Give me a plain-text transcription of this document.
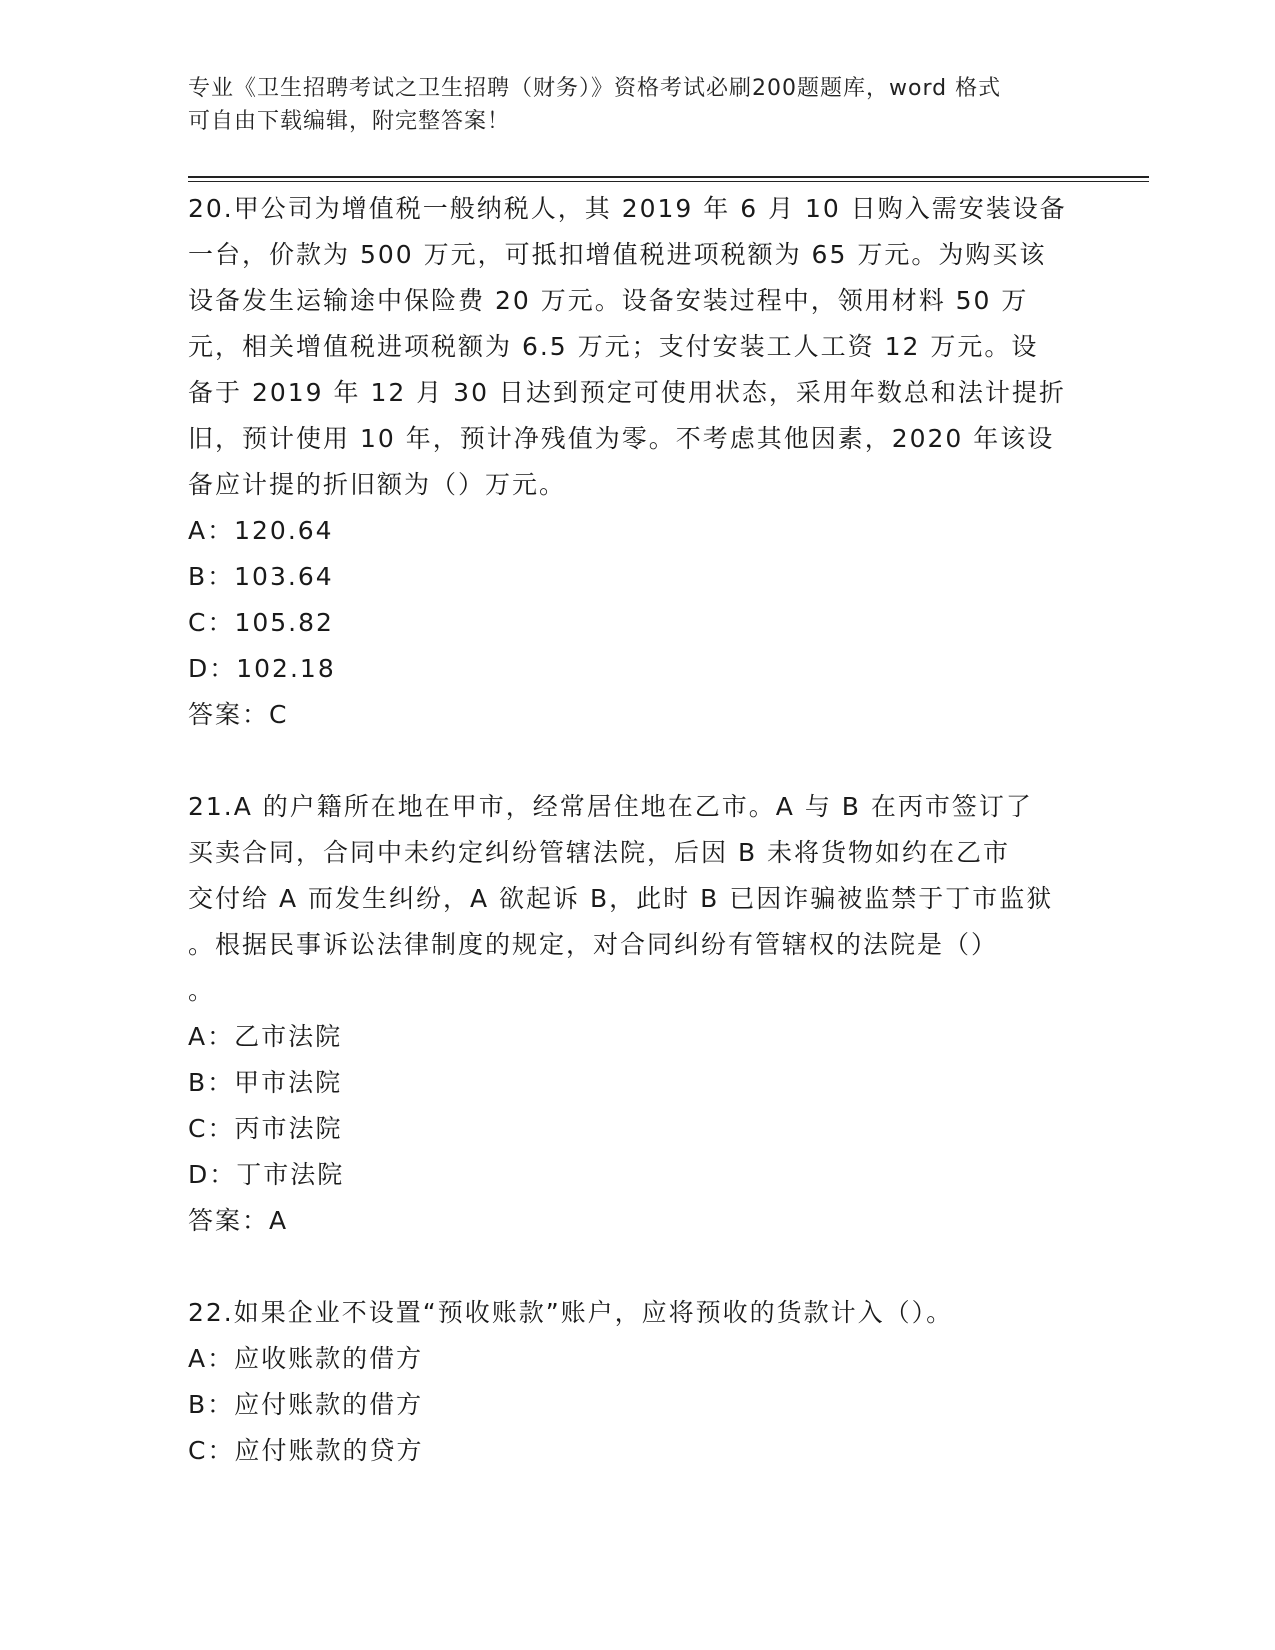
专业《卫生招聘考试之卫生招聘（财务）》资格考试必刷200题题库，word 格式
可自由下载编辑，附完整答案！

20.甲公司为增值税一般纳税人，其 2019 年 6 月 10 日购入需安装设备

一台，价款为 500 万元，可抵扣增值税进项税额为 65 万元。为购买该

设备发生运输途中保险费 20 万元。设备安装过程中，领用材料 50 万

元，相关增值税进项税额为 6.5 万元；支付安装工人工资 12 万元。设

备于 2019 年 12 月 30 日达到预定可使用状态，采用年数总和法计提折

旧，预计使用 10 年，预计净残值为零。不考虑其他因素，2020 年该设

备应计提的折旧额为（）万元。

A：120.64

B：103.64

C：105.82

D：102.18

答案：C

21.A 的户籍所在地在甲市，经常居住地在乙市。A 与 B 在丙市签订了

买卖合同，合同中未约定纠纷管辖法院，后因 B 未将货物如约在乙市

交付给 A 而发生纠纷，A 欲起诉 B，此时 B 已因诈骗被监禁于丁市监狱

。根据民事诉讼法律制度的规定，对合同纠纷有管辖权的法院是（）

。

A：乙市法院

B：甲市法院

C：丙市法院

D：丁市法院

答案：A

22.如果企业不设置“预收账款”账户，应将预收的货款计入（）。

A：应收账款的借方

B：应付账款的借方

C：应付账款的贷方
